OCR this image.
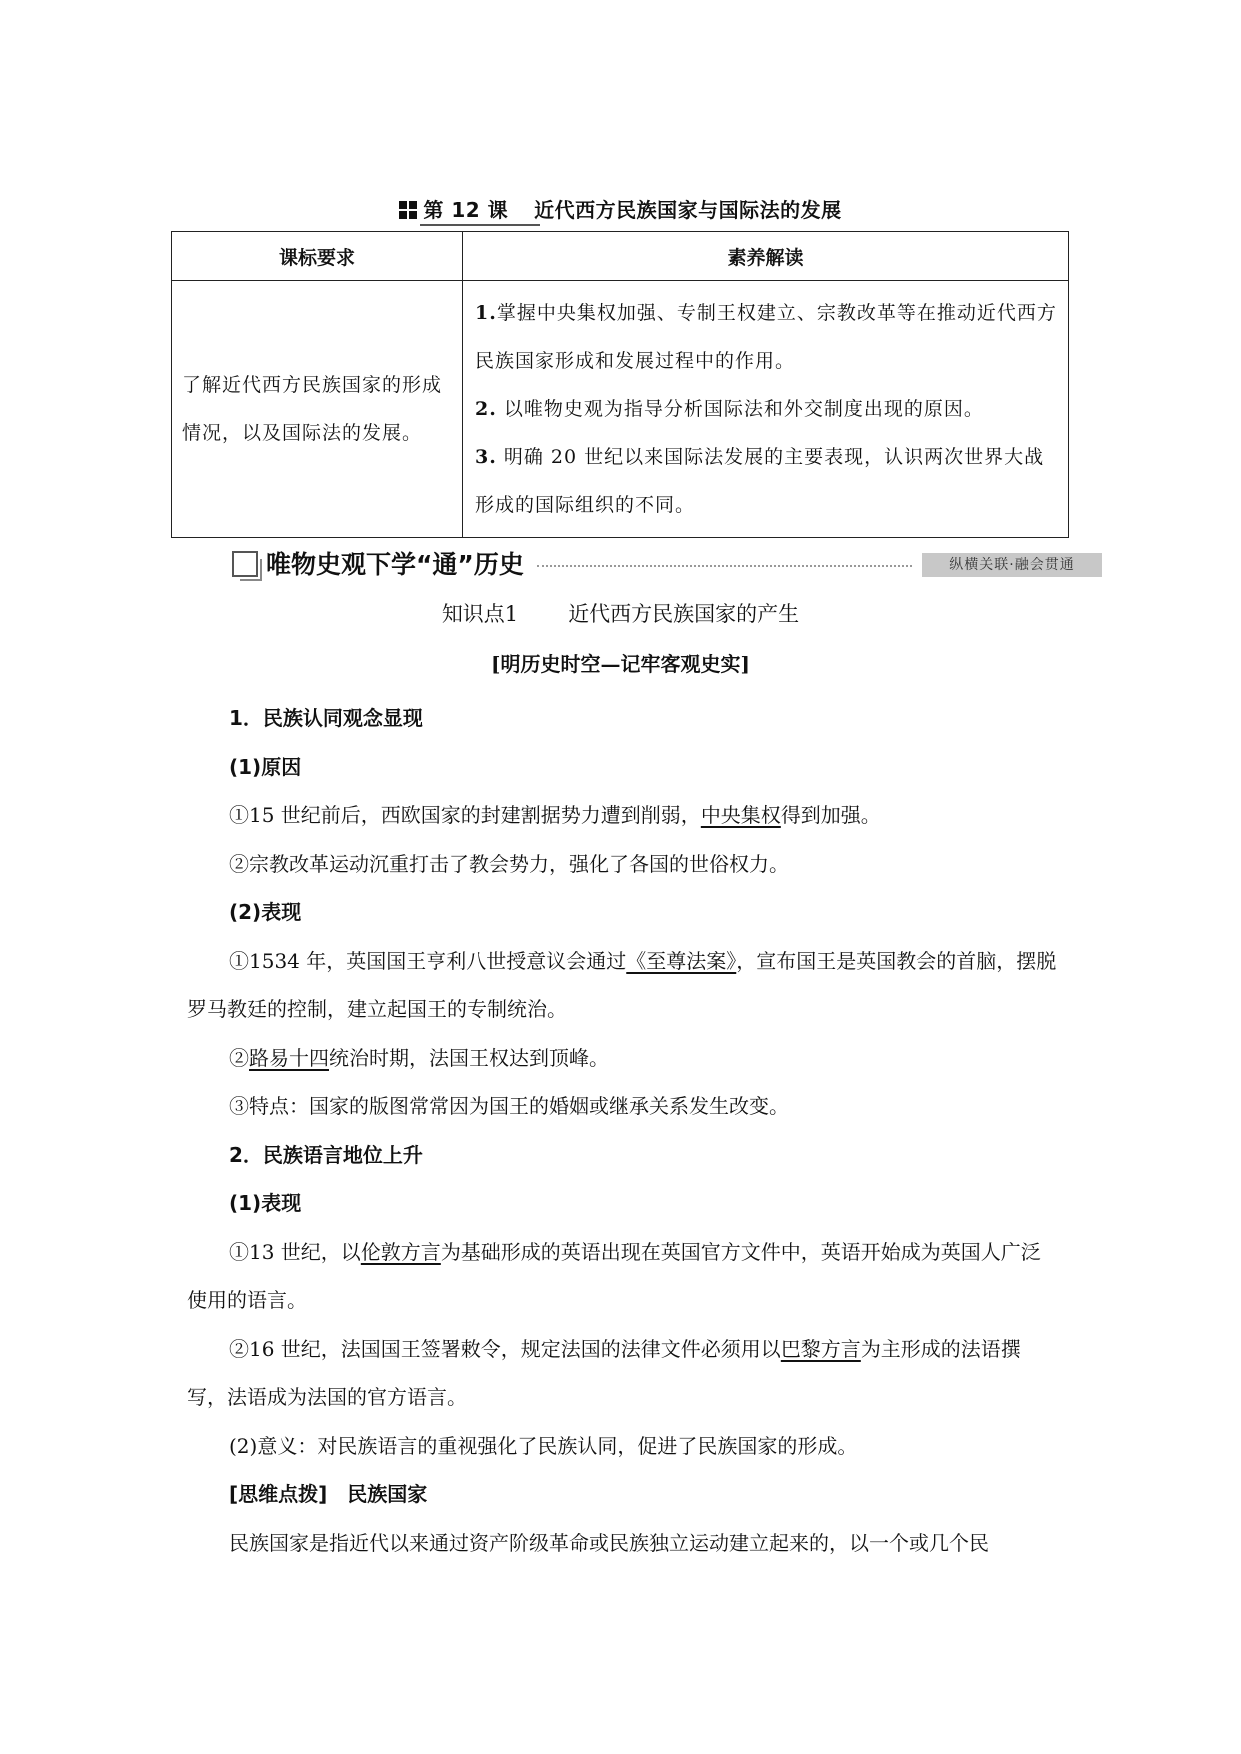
第 12 课 近代西方民族国家与国际法的发展
课标要求	素养解读
了解近代西方民族国家的形成情况，以及国际法的发展。	1.掌握中央集权加强、专制王权建立、宗教改革等在推动近代西方民族国家形成和发展过程中的作用。

2. 以唯物史观为指导分析国际法和外交制度出现的原因。

3. 明确 20 世纪以来国际法发展的主要表现，认识两次世界大战形成的国际组织的不同。

唯物史观下学“通”历史	纵横关联·融会贯通
知识点1 近代西方民族国家的产生
[明历史时空—记牢客观史实]

1．民族认同观念显现

(1)原因

①15 世纪前后，西欧国家的封建割据势力遭到削弱，中央集权得到加强。

②宗教改革运动沉重打击了教会势力，强化了各国的世俗权力。

(2)表现

①1534 年，英国国王亨利八世授意议会通过《至尊法案》，宣布国王是英国教会的首脑，摆脱罗马教廷的控制，建立起国王的专制统治。

②路易十四统治时期，法国王权达到顶峰。

③特点：国家的版图常常因为国王的婚姻或继承关系发生改变。

2．民族语言地位上升

(1)表现

①13 世纪，以伦敦方言为基础形成的英语出现在英国官方文件中，英语开始成为英国人广泛使用的语言。

②16 世纪，法国国王签署敕令，规定法国的法律文件必须用以巴黎方言为主形成的法语撰写，法语成为法国的官方语言。

(2)意义：对民族语言的重视强化了民族认同，促进了民族国家的形成。

[思维点拨]　民族国家

民族国家是指近代以来通过资产阶级革命或民族独立运动建立起来的，以一个或几个民
